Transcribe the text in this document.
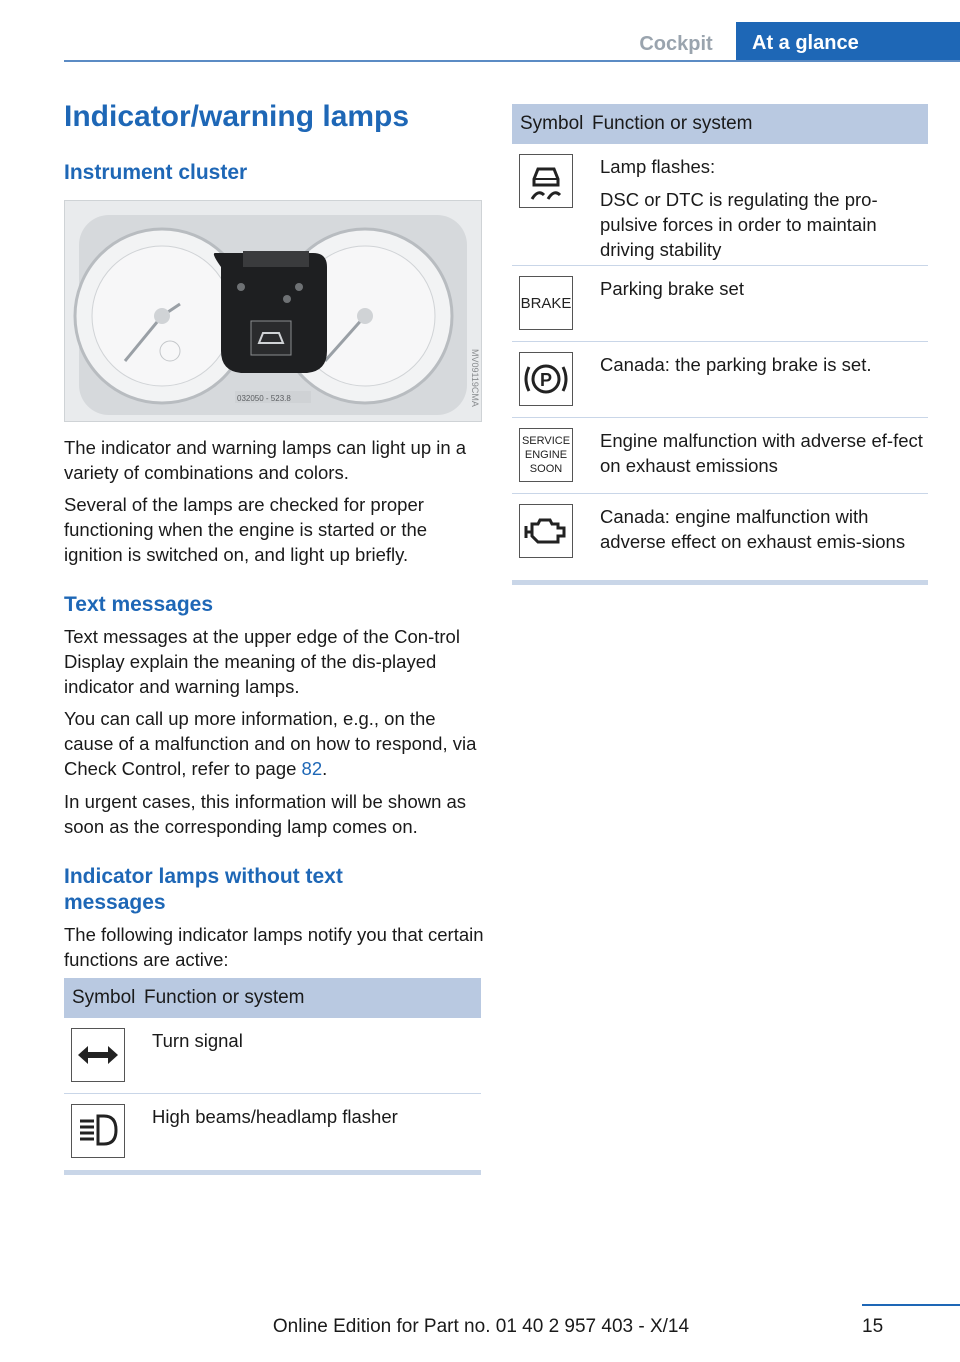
Cockpit	At a glance
Indicator/warning lamps
Instrument cluster
MV09119CMA
032050 - 523.8

The indicator and warning lamps can light up in a variety of combinations and colors.

Several of the lamps are checked for proper functioning when the engine is started or the ignition is switched on, and light up briefly.

Text messages

Text messages at the upper edge of the Con-trol Display explain the meaning of the dis-played indicator and warning lamps.

You can call up more information, e.g., on the cause of a malfunction and on how to respond, via Check Control, refer to page 82.

In urgent cases, this information will be shown as soon as the corresponding lamp comes on.

Indicator lamps without text messages

The following indicator lamps notify you that certain functions are active:

Symbol Function or system

Turn signal

High beams/headlamp flasher

Symbol Function or system

Lamp flashes:

DSC or DTC is regulating the pro-pulsive forces in order to maintain driving stability

BRAKE

Parking brake set

P

Canada: the parking brake is set.

SERVICE
ENGINE
SOON

Engine malfunction with adverse ef-fect on exhaust emissions

Canada: engine malfunction with adverse effect on exhaust emis-sions

Online Edition for Part no. 01 40 2 957 403 - X/14	15
